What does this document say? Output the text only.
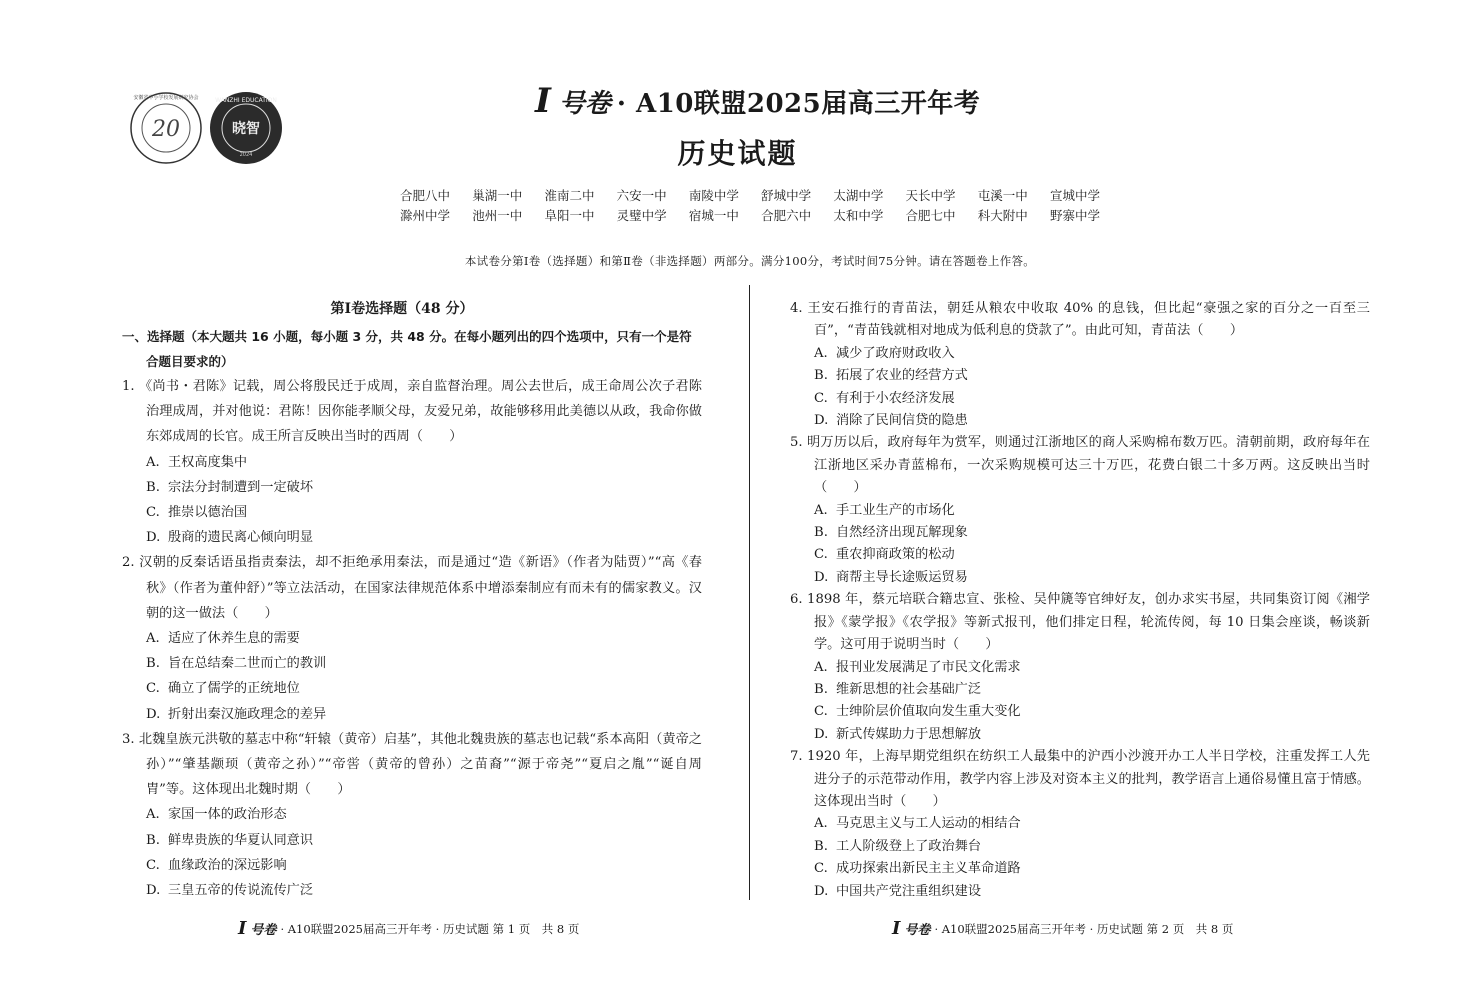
20
安徽省中小学校发展研究协会
晓智
WANZHI EDUCATION
2024
I 号卷 · A10联盟2025届高三开年考
历史试题
合肥八中 巢湖一中 淮南二中 六安一中 南陵中学 舒城中学 太湖中学 天长中学 屯溪一中 宣城中学
滁州中学 池州一中 阜阳一中 灵璧中学 宿城一中 合肥六中 太和中学 合肥七中 科大附中 野寨中学
本试卷分第Ⅰ卷（选择题）和第Ⅱ卷（非选择题）两部分。满分100分，考试时间75分钟。请在答题卷上作答。
第Ⅰ卷选择题（48 分）
一、选择题（本大题共 16 小题，每小题 3 分，共 48 分。在每小题列出的四个选项中，只有一个是符合题目要求的）
1. 《尚书・君陈》记载，周公将殷民迁于成周，亲自监督治理。周公去世后，成王命周公次子君陈治理成周，并对他说：君陈！因你能孝顺父母，友爱兄弟，故能够移用此美德以从政，我命你做东郊成周的长官。成王所言反映出当时的西周（　　）
A. 王权高度集中
B. 宗法分封制遭到一定破坏
C. 推崇以德治国
D. 殷商的遗民离心倾向明显
2. 汉朝的反秦话语虽指责秦法，却不拒绝承用秦法，而是通过“造《新语》（作者为陆贾）”“高《春秋》（作者为董仲舒）”等立法活动，在国家法律规范体系中增添秦制应有而未有的儒家教义。汉朝的这一做法（　　）
A. 适应了休养生息的需要
B. 旨在总结秦二世而亡的教训
C. 确立了儒学的正统地位
D. 折射出秦汉施政理念的差异
3. 北魏皇族元洪敬的墓志中称“轩辕（黄帝）启基”，其他北魏贵族的墓志也记载“系本高阳（黄帝之孙）”“肇基颛顼（黄帝之孙）”“帝喾（黄帝的曾孙）之苗裔”“源于帝尧”“夏启之胤”“诞自周胄”等。这体现出北魏时期（　　）
A. 家国一体的政治形态
B. 鲜卑贵族的华夏认同意识
C. 血缘政治的深远影响
D. 三皇五帝的传说流传广泛
4. 王安石推行的青苗法，朝廷从粮农中收取 40% 的息钱，但比起“豪强之家的百分之一百至三百”，“青苗钱就相对地成为低利息的贷款了”。由此可知，青苗法（　　）
A. 减少了政府财政收入
B. 拓展了农业的经营方式
C. 有利于小农经济发展
D. 消除了民间信贷的隐患
5. 明万历以后，政府每年为赏军，则通过江浙地区的商人采购棉布数万匹。清朝前期，政府每年在江浙地区采办青蓝棉布，一次采购规模可达三十万匹，花费白银二十多万两。这反映出当时（　　）
A. 手工业生产的市场化
B. 自然经济出现瓦解现象
C. 重农抑商政策的松动
D. 商帮主导长途贩运贸易
6. 1898 年，蔡元培联合籍忠宣、张检、吴仲篪等官绅好友，创办求实书屋，共同集资订阅《湘学报》《蒙学报》《农学报》等新式报刊，他们排定日程，轮流传阅，每 10 日集会座谈，畅谈新学。这可用于说明当时（　　）
A. 报刊业发展满足了市民文化需求
B. 维新思想的社会基础广泛
C. 士绅阶层价值取向发生重大变化
D. 新式传媒助力于思想解放
7. 1920 年，上海早期党组织在纺织工人最集中的沪西小沙渡开办工人半日学校，注重发挥工人先进分子的示范带动作用，教学内容上涉及对资本主义的批判，教学语言上通俗易懂且富于情感。这体现出当时（　　）
A. 马克思主义与工人运动的相结合
B. 工人阶级登上了政治舞台
C. 成功探索出新民主主义革命道路
D. 中国共产党注重组织建设
I 号卷 · A10联盟2025届高三开年考 · 历史试题 第 1 页　共 8 页	I 号卷 · A10联盟2025届高三开年考 · 历史试题 第 2 页　共 8 页
